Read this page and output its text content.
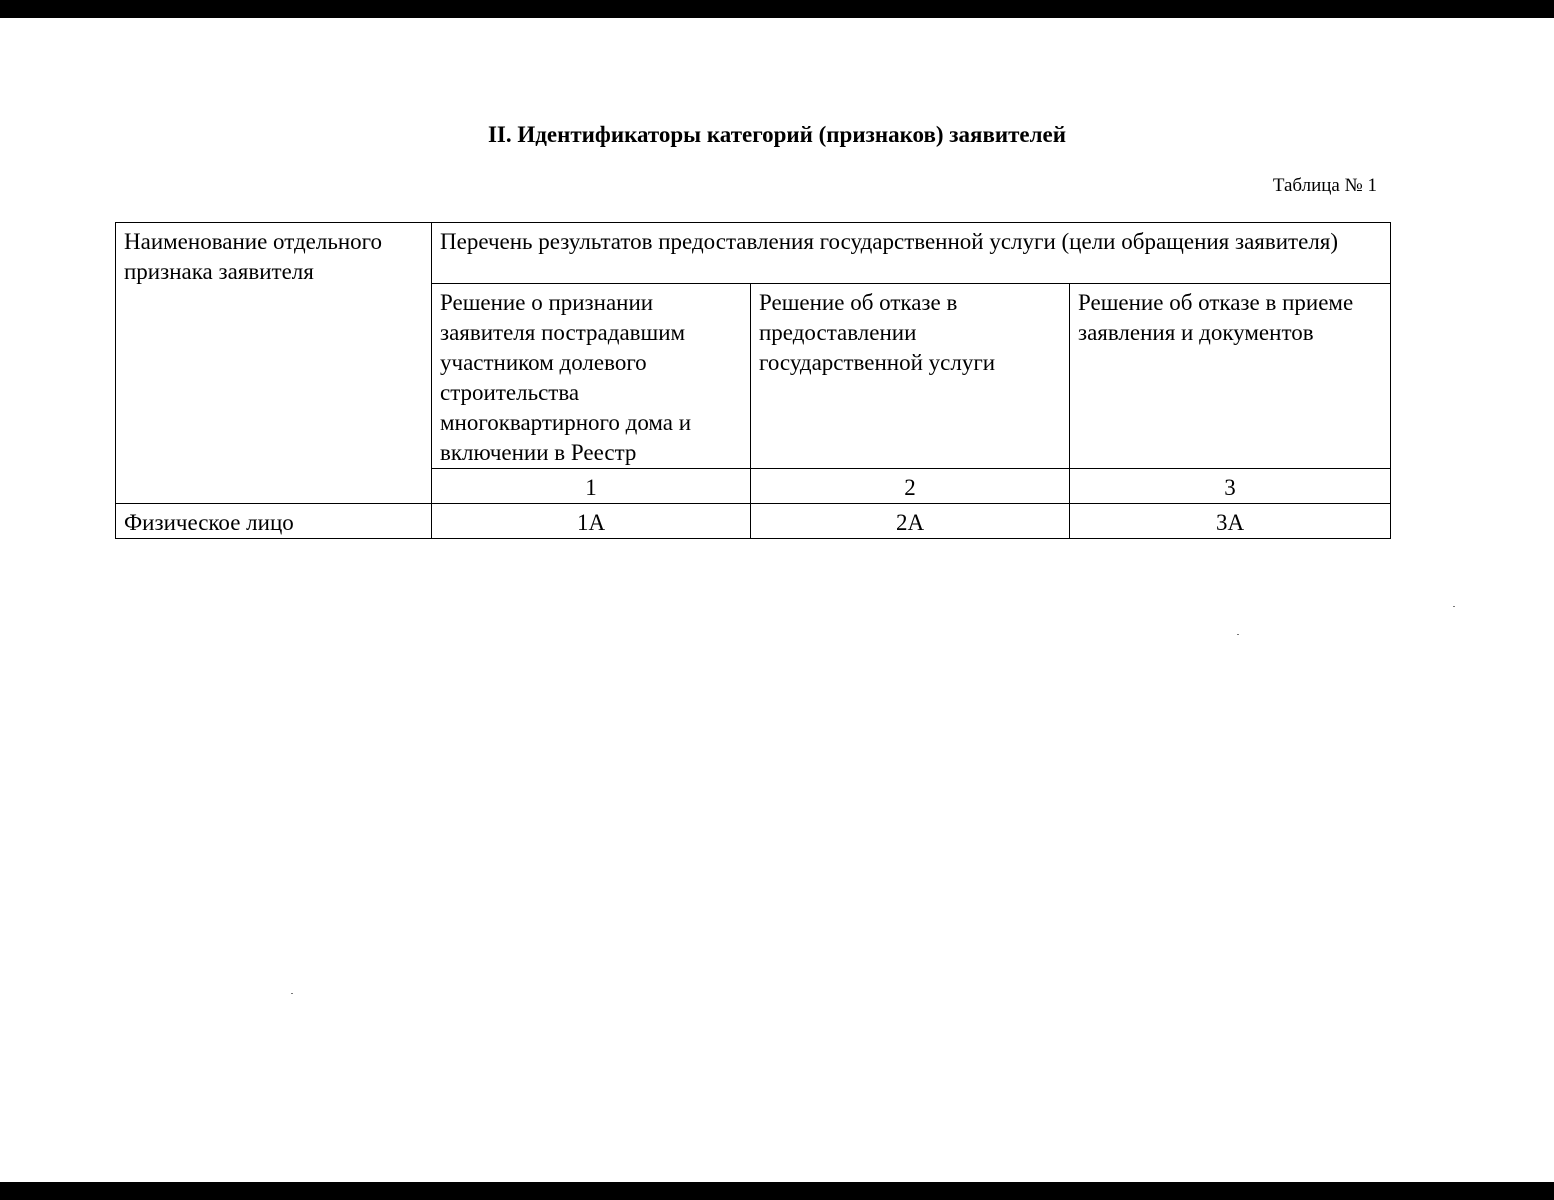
II. Идентификаторы категорий (признаков) заявителей
Таблица № 1
Наименование отдельного признака заявителя	Перечень результатов предоставления государственной услуги (цели обращения заявителя)		
	Решение о признании заявителя пострадавшим участником долевого строительства многоквартирного дома и включении в Реестр	Решение об отказе в предоставлении государственной услуги	Решение об отказе в приеме заявления и документов
	1	2	3
Физическое лицо	1А	2А	3А
